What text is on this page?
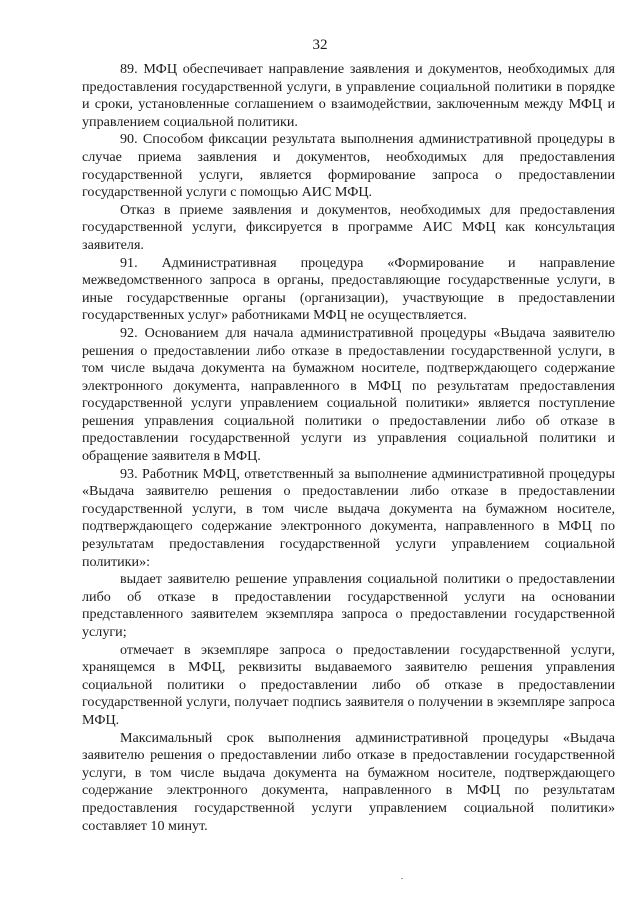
32

89. МФЦ обеспечивает направление заявления и документов, необходимых для предоставления государственной услуги, в управление социальной политики в порядке и сроки, установленные соглашением о взаимодействии, заключенным между МФЦ и управлением социальной политики.

90. Способом фиксации результата выполнения административной процедуры в случае приема заявления и документов, необходимых для предоставления государственной услуги, является формирование запроса о предоставлении государственной услуги с помощью АИС МФЦ.

Отказ в приеме заявления и документов, необходимых для предоставления государственной услуги, фиксируется в программе АИС МФЦ как консультация заявителя.

91. Административная процедура «Формирование и направление межведомственного запроса в органы, предоставляющие государственные услуги, в иные государственные органы (организации), участвующие в предоставлении государственных услуг» работниками МФЦ не осуществляется.

92. Основанием для начала административной процедуры «Выдача заявителю решения о предоставлении либо отказе в предоставлении государственной услуги, в том числе выдача документа на бумажном носителе, подтверждающего содержание электронного документа, направленного в МФЦ по результатам предоставления государственной услуги управлением социальной политики» является поступление решения управления социальной политики о предоставлении либо об отказе в предоставлении государственной услуги из управления социальной политики и обращение заявителя в МФЦ.

93. Работник МФЦ, ответственный за выполнение административной процедуры «Выдача заявителю решения о предоставлении либо отказе в предоставлении государственной услуги, в том числе выдача документа на бумажном носителе, подтверждающего содержание электронного документа, направленного в МФЦ по результатам предоставления государственной услуги управлением социальной политики»:

выдает заявителю решение управления социальной политики о предоставлении либо об отказе в предоставлении государственной услуги на основании представленного заявителем экземпляра запроса о предоставлении государственной услуги;

отмечает в экземпляре запроса о предоставлении государственной услуги, хранящемся в МФЦ, реквизиты выдаваемого заявителю решения управления социальной политики о предоставлении либо об отказе в предоставлении государственной услуги, получает подпись заявителя о получении в экземпляре запроса МФЦ.

Максимальный срок выполнения административной процедуры «Выдача заявителю решения о предоставлении либо отказе в предоставлении государственной услуги, в том числе выдача документа на бумажном носителе, подтверждающего содержание электронного документа, направленного в МФЦ по результатам предоставления государственной услуги управлением социальной политики» составляет 10 минут.
